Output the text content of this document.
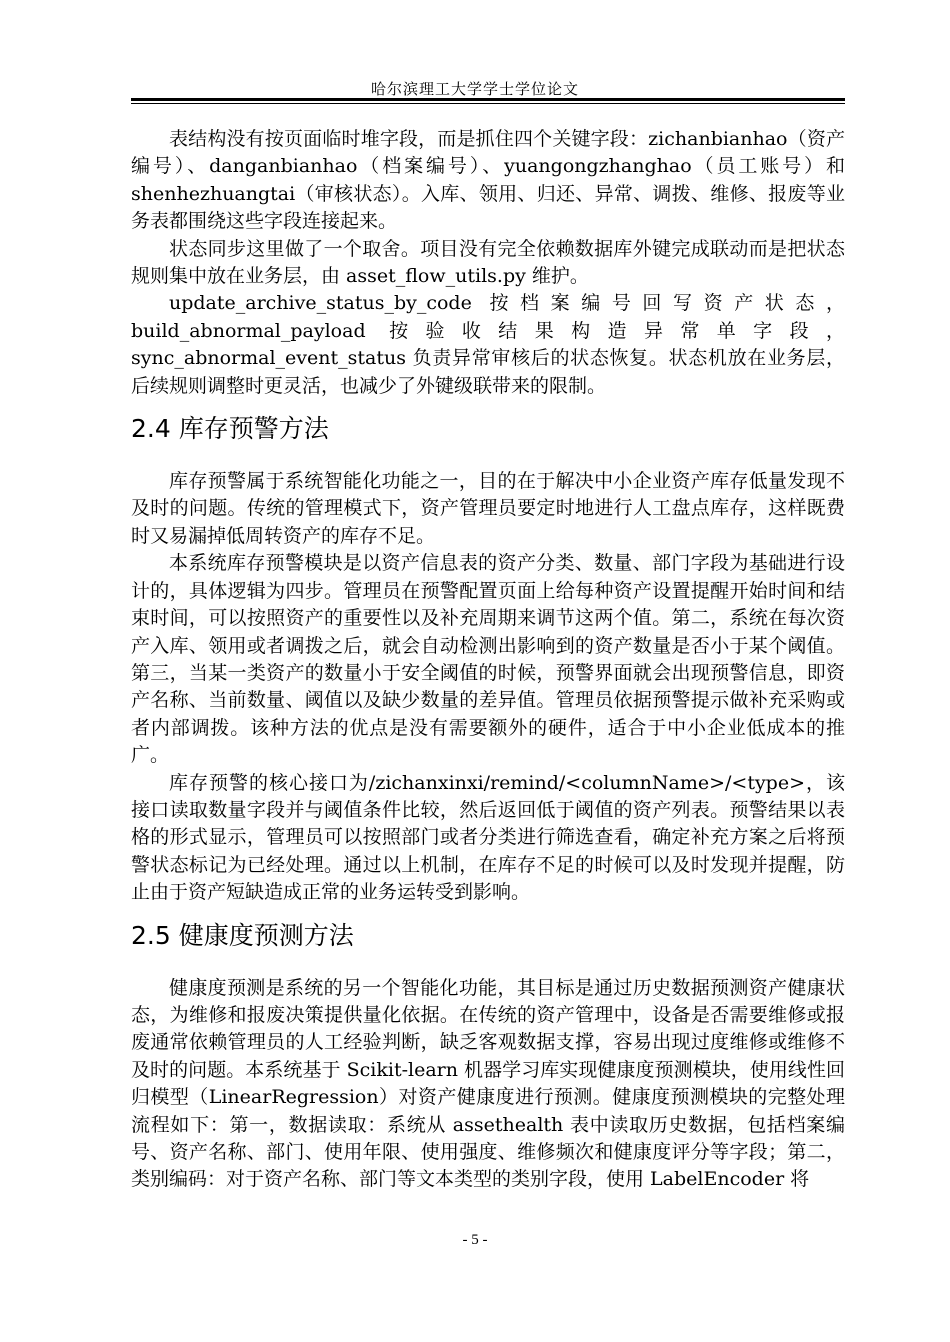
哈尔滨理工大学学士学位论文

表结构没有按页面临时堆字段，而是抓住四个关键字段：zichanbianhao（资产编号）、danganbianhao（档案编号）、yuangongzhanghao（员工账号）和 shenhezhuangtai（审核状态）。入库、领用、归还、异常、调拨、维修、报废等业务表都围绕这些字段连接起来。

状态同步这里做了一个取舍。项目没有完全依赖数据库外键完成联动而是把状态规则集中放在业务层，由 asset_flow_utils.py 维护。

update_archive_status_by_code 按档案编号回写资产状态，build_abnormal_payload 按验收结果构造异常单字段，sync_abnormal_event_status 负责异常审核后的状态恢复。状态机放在业务层，后续规则调整时更灵活，也减少了外键级联带来的限制。

2.4 库存预警方法

库存预警属于系统智能化功能之一，目的在于解决中小企业资产库存低量发现不及时的问题。传统的管理模式下，资产管理员要定时地进行人工盘点库存，这样既费时又易漏掉低周转资产的库存不足。

本系统库存预警模块是以资产信息表的资产分类、数量、部门字段为基础进行设计的，具体逻辑为四步。管理员在预警配置页面上给每种资产设置提醒开始时间和结束时间，可以按照资产的重要性以及补充周期来调节这两个值。第二，系统在每次资产入库、领用或者调拨之后，就会自动检测出影响到的资产数量是否小于某个阈值。第三，当某一类资产的数量小于安全阈值的时候，预警界面就会出现预警信息，即资产名称、当前数量、阈值以及缺少数量的差异值。管理员依据预警提示做补充采购或者内部调拨。该种方法的优点是没有需要额外的硬件，适合于中小企业低成本的推广。

库存预警的核心接口为/zichanxinxi/remind/<columnName>/<type>，该接口读取数量字段并与阈值条件比较，然后返回低于阈值的资产列表。预警结果以表格的形式显示，管理员可以按照部门或者分类进行筛选查看，确定补充方案之后将预警状态标记为已经处理。通过以上机制，在库存不足的时候可以及时发现并提醒，防止由于资产短缺造成正常的业务运转受到影响。

2.5 健康度预测方法

健康度预测是系统的另一个智能化功能，其目标是通过历史数据预测资产健康状态，为维修和报废决策提供量化依据。在传统的资产管理中，设备是否需要维修或报废通常依赖管理员的人工经验判断，缺乏客观数据支撑，容易出现过度维修或维修不及时的问题。本系统基于 Scikit-learn 机器学习库实现健康度预测模块，使用线性回归模型（LinearRegression）对资产健康度进行预测。健康度预测模块的完整处理流程如下：第一，数据读取：系统从 assethealth 表中读取历史数据，包括档案编号、资产名称、部门、使用年限、使用强度、维修频次和健康度评分等字段；第二，类别编码：对于资产名称、部门等文本类型的类别字段，使用 LabelEncoder 将

- 5 -
